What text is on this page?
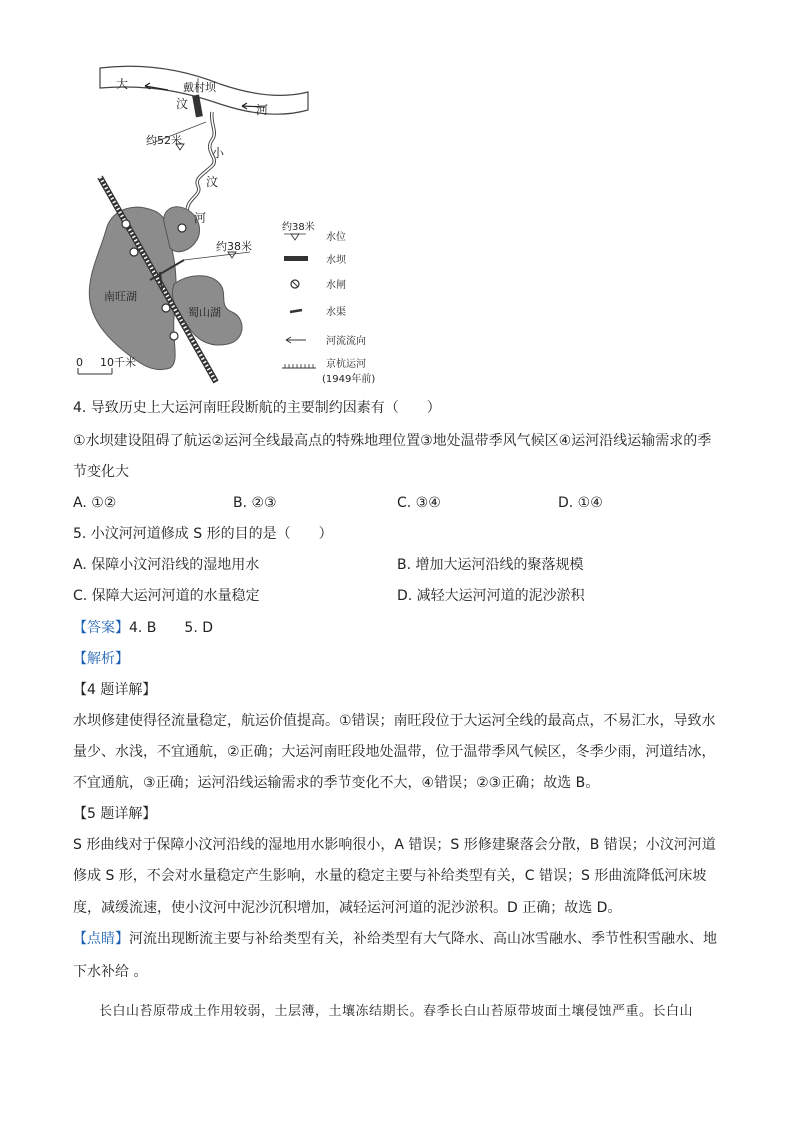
大
汶	河
戴村坝
约52米
小
汶
河
约38米
南旺湖
蜀山湖
0 10千米
约38米
水位
水坝
水闸
水渠
河流流向
京杭运河
(1949年前)
4. 导致历史上大运河南旺段断航的主要制约因素有（　　）
①水坝建设阻碍了航运②运河全线最高点的特殊地理位置③地处温带季风气候区④运河沿线运输需求的季
节变化大
A. ①②	B. ②③	C. ③④	D. ①④
5. 小汶河河道修成 S 形的目的是（　　）
A. 保障小汶河沿线的湿地用水	B. 增加大运河沿线的聚落规模
C. 保障大运河河道的水量稳定	D. 减轻大运河河道的泥沙淤积
【答案】4. B　　5. D
【解析】
【4 题详解】
水坝修建使得径流量稳定，航运价值提高。①错误；南旺段位于大运河全线的最高点，不易汇水，导致水
量少、水浅，不宜通航，②正确；大运河南旺段地处温带，位于温带季风气候区，冬季少雨，河道结冰，
不宜通航，③正确；运河沿线运输需求的季节变化不大，④错误；②③正确；故选 B。
【5 题详解】
S 形曲线对于保障小汶河沿线的湿地用水影响很小，A 错误；S 形修建聚落会分散，B 错误；小汶河河道
修成 S 形，不会对水量稳定产生影响，水量的稳定主要与补给类型有关，C 错误；S 形曲流降低河床坡
度，减缓流速，使小汶河中泥沙沉积增加，减轻运河河道的泥沙淤积。D 正确；故选 D。
【点睛】河流出现断流主要与补给类型有关，补给类型有大气降水、高山冰雪融水、季节性积雪融水、地
下水补给 。
长白山苔原带成土作用较弱，土层薄，土壤冻结期长。春季长白山苔原带坡面土壤侵蚀严重。长白山
